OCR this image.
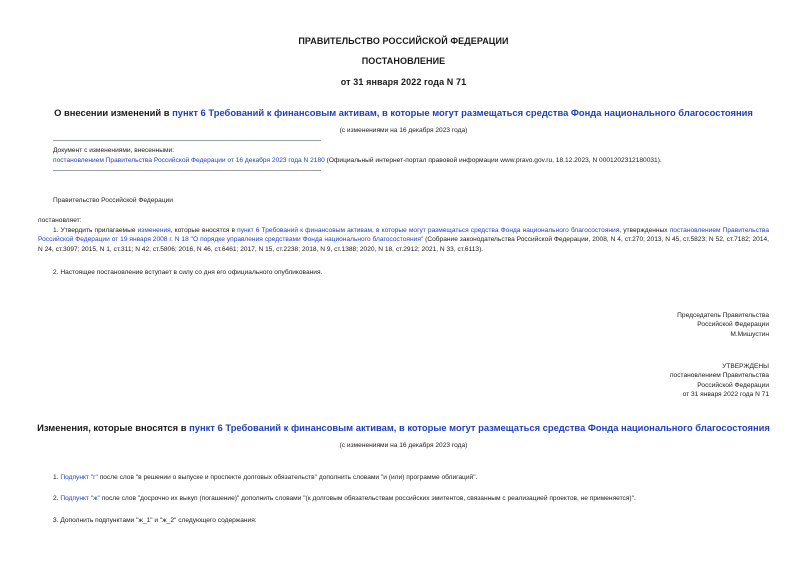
ПРАВИТЕЛЬСТВО РОССИЙСКОЙ ФЕДЕРАЦИИ
ПОСТАНОВЛЕНИЕ
от 31 января 2022 года N 71
О внесении изменений в пункт 6 Требований к финансовым активам, в которые могут размещаться средства Фонда национального благосостояния
(с изменениями на 16 декабря 2023 года)
Документ с изменениями, внесенными:
постановлением Правительства Российской Федерации от 16 декабря 2023 года N 2180 (Официальный интернет-портал правовой информации www.pravo.gov.ru, 18.12.2023, N 0001202312180031).
Правительство Российской Федерации
постановляет:
1. Утвердить прилагаемые изменения, которые вносятся в пункт 6 Требований к финансовым активам, в которые могут размещаться средства Фонда национального благосостояния, утвержденных постановлением Правительства Российской Федерации от 19 января 2008 г. N 18 "О порядке управления средствами Фонда национального благосостояния" (Собрание законодательства Российской Федерации, 2008, N 4, ст.270; 2013, N 45, ст.5823; N 52, ст.7182; 2014, N 24, ст.3097; 2015, N 1, ст.311; N 42, ст.5806; 2016, N 46, ст.6461; 2017, N 15, ст.2238; 2018, N 9, ст.1388; 2020, N 18, ст.2912; 2021, N 33, ст.6113).
2. Настоящее постановление вступает в силу со дня его официального опубликования.
Председатель Правительства
Российской Федерации
М.Мишустин
УТВЕРЖДЕНЫ
постановлением Правительства
Российской Федерации
от 31 января 2022 года N 71
Изменения, которые вносятся в пункт 6 Требований к финансовым активам, в которые могут размещаться средства Фонда национального благосостояния
(с изменениями на 16 декабря 2023 года)
1. Подпункт "г" после слов "в решении о выпуске и проспекте долговых обязательств" дополнить словами "и (или) программе облигаций".
2. Подпункт "ж" после слов "досрочно их выкуп (погашение)" дополнить словами "(к долговым обязательствам российских эмитентов, связанным с реализацией проектов, не применяется)".
3. Дополнить подпунктами "ж_1" и "ж_2" следующего содержания:
